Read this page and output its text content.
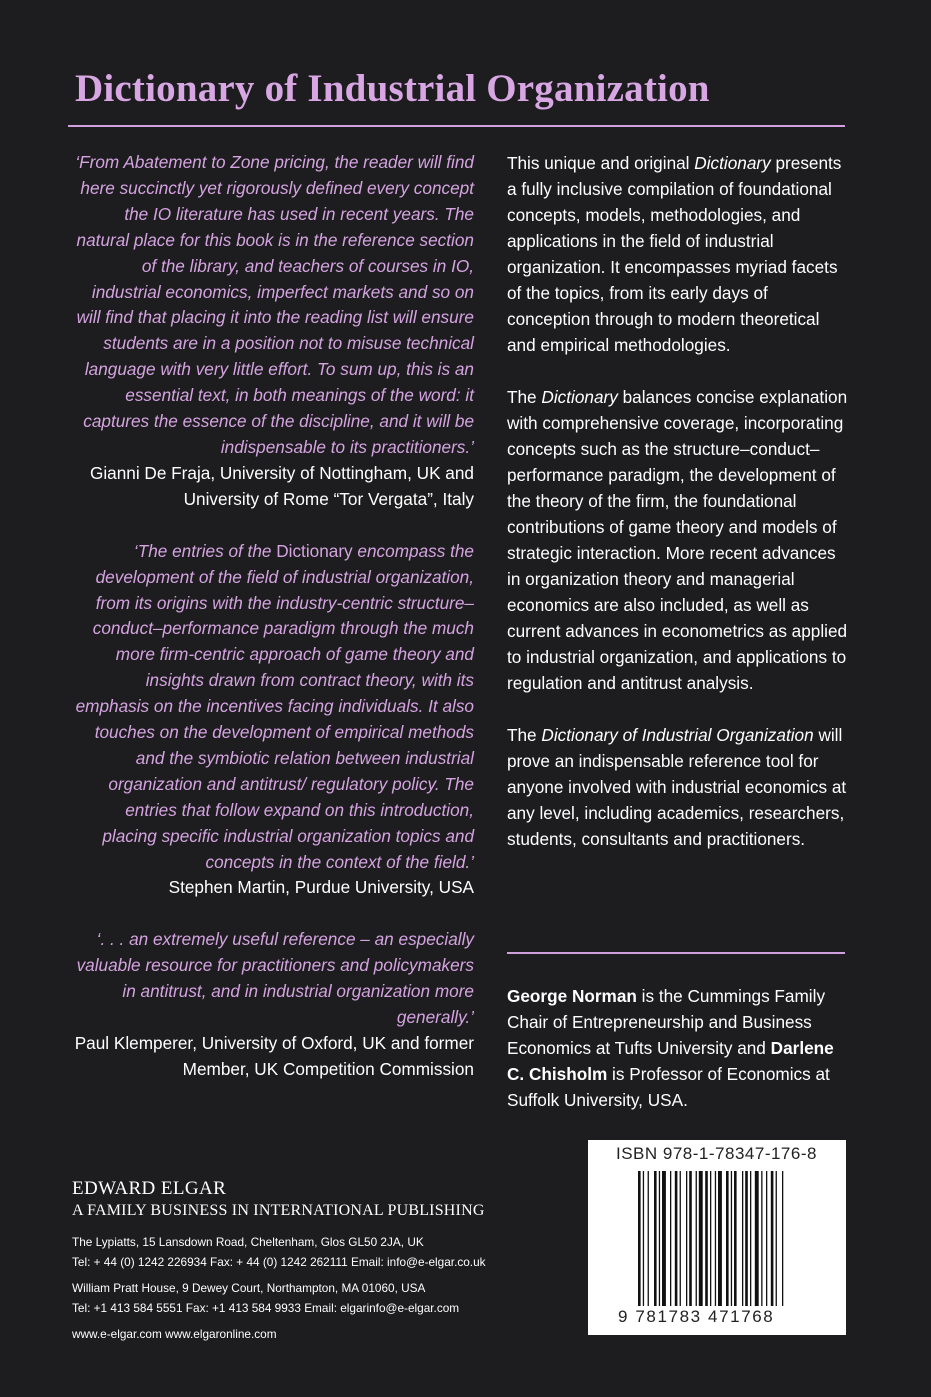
Dictionary of Industrial Organization
‘From Abatement to Zone pricing, the reader will find here succinctly yet rigorously defined every concept the IO literature has used in recent years. The natural place for this book is in the reference section of the library, and teachers of courses in IO, industrial economics, imperfect markets and so on will find that placing it into the reading list will ensure students are in a position not to misuse technical language with very little effort. To sum up, this is an essential text, in both meanings of the word: it captures the essence of the discipline, and it will be indispensable to its practitioners.’
Gianni De Fraja, University of Nottingham, UK and University of Rome “Tor Vergata”, Italy
‘The entries of the Dictionary encompass the development of the field of industrial organization, from its origins with the industry-centric structure–conduct–performance paradigm through the much more firm-centric approach of game theory and insights drawn from contract theory, with its emphasis on the incentives facing individuals. It also touches on the development of empirical methods and the symbiotic relation between industrial organization and antitrust/ regulatory policy. The entries that follow expand on this introduction, placing specific industrial organization topics and concepts in the context of the field.’
Stephen Martin, Purdue University, USA
‘. . . an extremely useful reference – an especially valuable resource for practitioners and policymakers in antitrust, and in industrial organization more generally.’
Paul Klemperer, University of Oxford, UK and former Member, UK Competition Commission

This unique and original Dictionary presents a fully inclusive compilation of foundational concepts, models, methodologies, and applications in the field of industrial organization. It encompasses myriad facets of the topics, from its early days of conception through to modern theoretical and empirical methodologies.

The Dictionary balances concise explanation with comprehensive coverage, incorporating concepts such as the structure–conduct–performance paradigm, the development of the theory of the firm, the foundational contributions of game theory and models of strategic interaction. More recent advances in organization theory and managerial economics are also included, as well as current advances in econometrics as applied to industrial organization, and applications to regulation and antitrust analysis.

The Dictionary of Industrial Organization will prove an indispensable reference tool for anyone involved with industrial economics at any level, including academics, researchers, students, consultants and practitioners.

George Norman is the Cummings Family Chair of Entrepreneurship and Business Economics at Tufts University and Darlene C. Chisholm is Professor of Economics at Suffolk University, USA.
EDWARD ELGAR
A FAMILY BUSINESS IN INTERNATIONAL PUBLISHING
The Lypiatts, 15 Lansdown Road, Cheltenham, Glos GL50 2JA, UK
Tel: + 44 (0) 1242 226934 Fax: + 44 (0) 1242 262111 Email: info@e-elgar.co.uk
William Pratt House, 9 Dewey Court, Northampton, MA 01060, USA
Tel: +1 413 584 5551 Fax: +1 413 584 9933 Email: elgarinfo@e-elgar.com
www.e-elgar.com www.elgaronline.com
ISBN 978-1-78347-176-8
9 781783 471768
